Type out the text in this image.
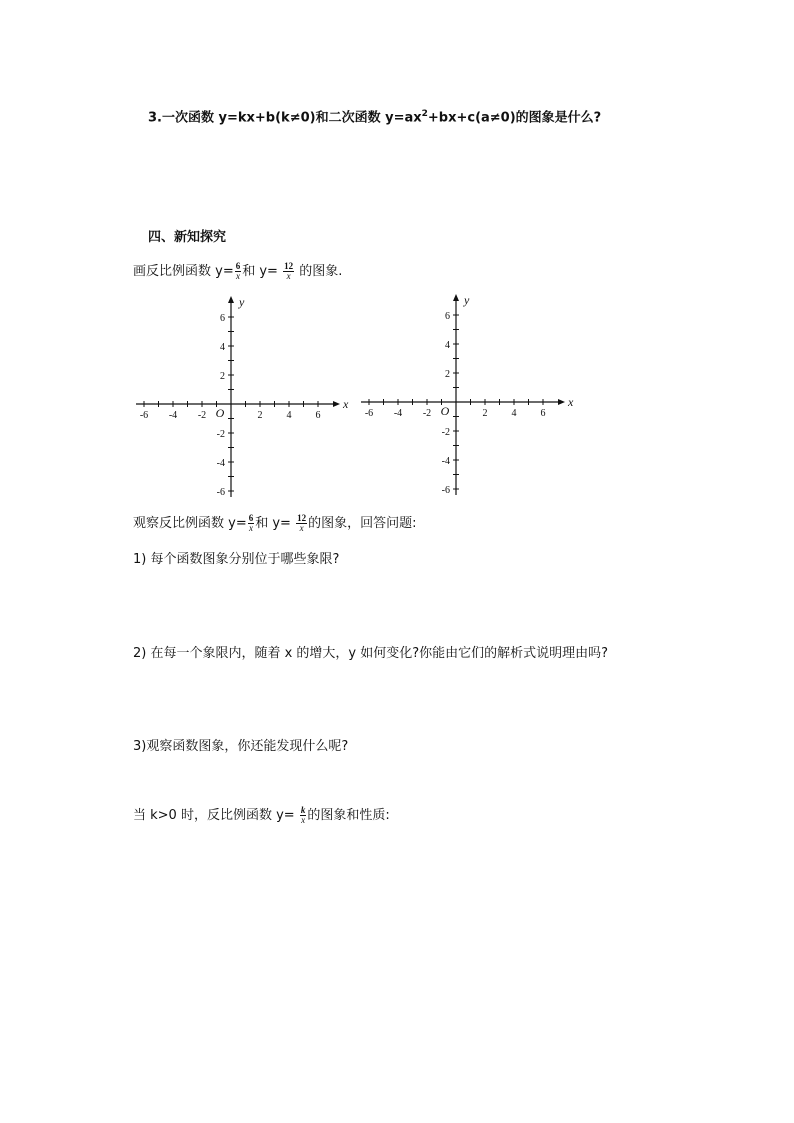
3.一次函数 y=kx+b(k≠0)和二次函数 $y=ax^2+bx+c(a\ne 0)$的图象是什么?
四、新知探究
画反比例函数 $y= \frac{6}{x}$ 和 $y= \frac{12}{x}$ 的图象.
-6 -4 -2	2 4 6
6
4
2
-2
-4
-6
O
x
y
-6 -4 -2	2 4 6
6
4
2
-2
-4
-6
O
x
y
观察反比例函数 $y= \frac{6}{x}$ 和 $y= \frac{12}{x}$ 的图象，回答问题:
1) 每个函数图象分别位于哪些象限?
2) 在每一个象限内，随着 x 的增大，y 如何变化?你能由它们的解析式说明理由吗?
3)观察函数图象，你还能发现什么呢?
当 k>0 时，反比例函数 $y= \frac{k}{x}$ 的图象和性质:
